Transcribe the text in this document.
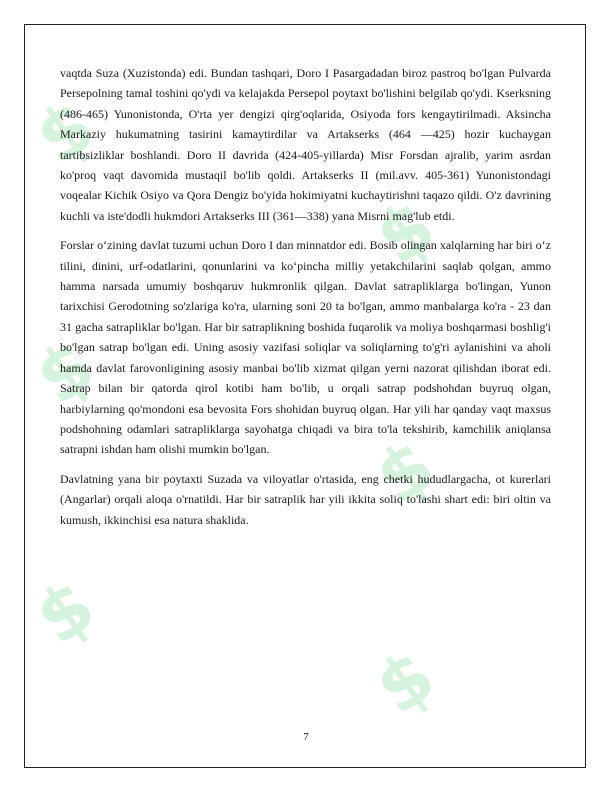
$
$
$
$
$
$

vaqtda Suza (Xuzistonda) edi. Bundan tashqari, Doro I Pasargadadan biroz pastroq bo'lgan Pulvarda Persepolning tamal toshini qo'ydi va kelajakda Persepol poytaxt bo'lishini belgilab qo'ydi. Kserksning (486-465) Yunonistonda, O'rta yer dengizi qirg'oqlarida, Osiyoda fors kengaytirilmadi. Aksincha Markaziy hukumatning tasirini kamaytirdilar va Artakserks (464 —425) hozir kuchaygan tartibsizliklar boshlandi. Doro II davrida (424-405-yillarda) Misr Forsdan ajralib, yarim asrdan ko'proq vaqt davomida mustaqil bo'lib qoldi. Artakserks II (mil.avv. 405-361) Yunonistondagi voqealar Kichik Osiyo va Qora Dengiz bo'yida hokimiyatni kuchaytirishni taqazo qildi. O'z davrining kuchli va iste'dodli hukmdori Artakserks III (361—338) yana Misrni mag'lub etdi.

Forslar o‘zining davlat tuzumi uchun Doro I dan minnatdor edi. Bosib olingan xalqlarning har biri o‘z tilini, dinini, urf-odatlarini, qonunlarini va ko‘pincha milliy yetakchilarini saqlab qolgan, ammo hamma narsada umumiy boshqaruv hukmronlik qilgan. Davlat satrapliklarga bo'lingan, Yunon tarixchisi Gerodotning so'zlariga ko'ra, ularning soni 20 ta bo'lgan, ammo manbalarga ko'ra - 23 dan 31 gacha satrapliklar bo'lgan. Har bir satraplikning boshida fuqarolik va moliya boshqarmasi boshlig'i bo'lgan satrap bo'lgan edi. Uning asosiy vazifasi soliqlar va soliqlarning to'g'ri aylanishini va aholi hamda davlat farovonligining asosiy manbai bo'lib xizmat qilgan yerni nazorat qilishdan iborat edi. Satrap bilan bir qatorda qirol kotibi ham bo'lib, u orqali satrap podshohdan buyruq olgan, harbiylarning qo'mondoni esa bevosita Fors shohidan buyruq olgan. Har yili har qanday vaqt maxsus podshohning odamlari satrapliklarga sayohatga chiqadi va bira to'la tekshirib, kamchilik aniqlansa satrapni ishdan ham olishi mumkin bo'lgan.

Davlatning yana bir poytaxti Suzada va viloyatlar o'rtasida, eng chetki hududlargacha, ot kurerlari (Angarlar) orqali aloqa o'rnatildi. Har bir satraplik har yili ikkita soliq to'lashi shart edi: biri oltin va kumush, ikkinchisi esa natura shaklida.

7
